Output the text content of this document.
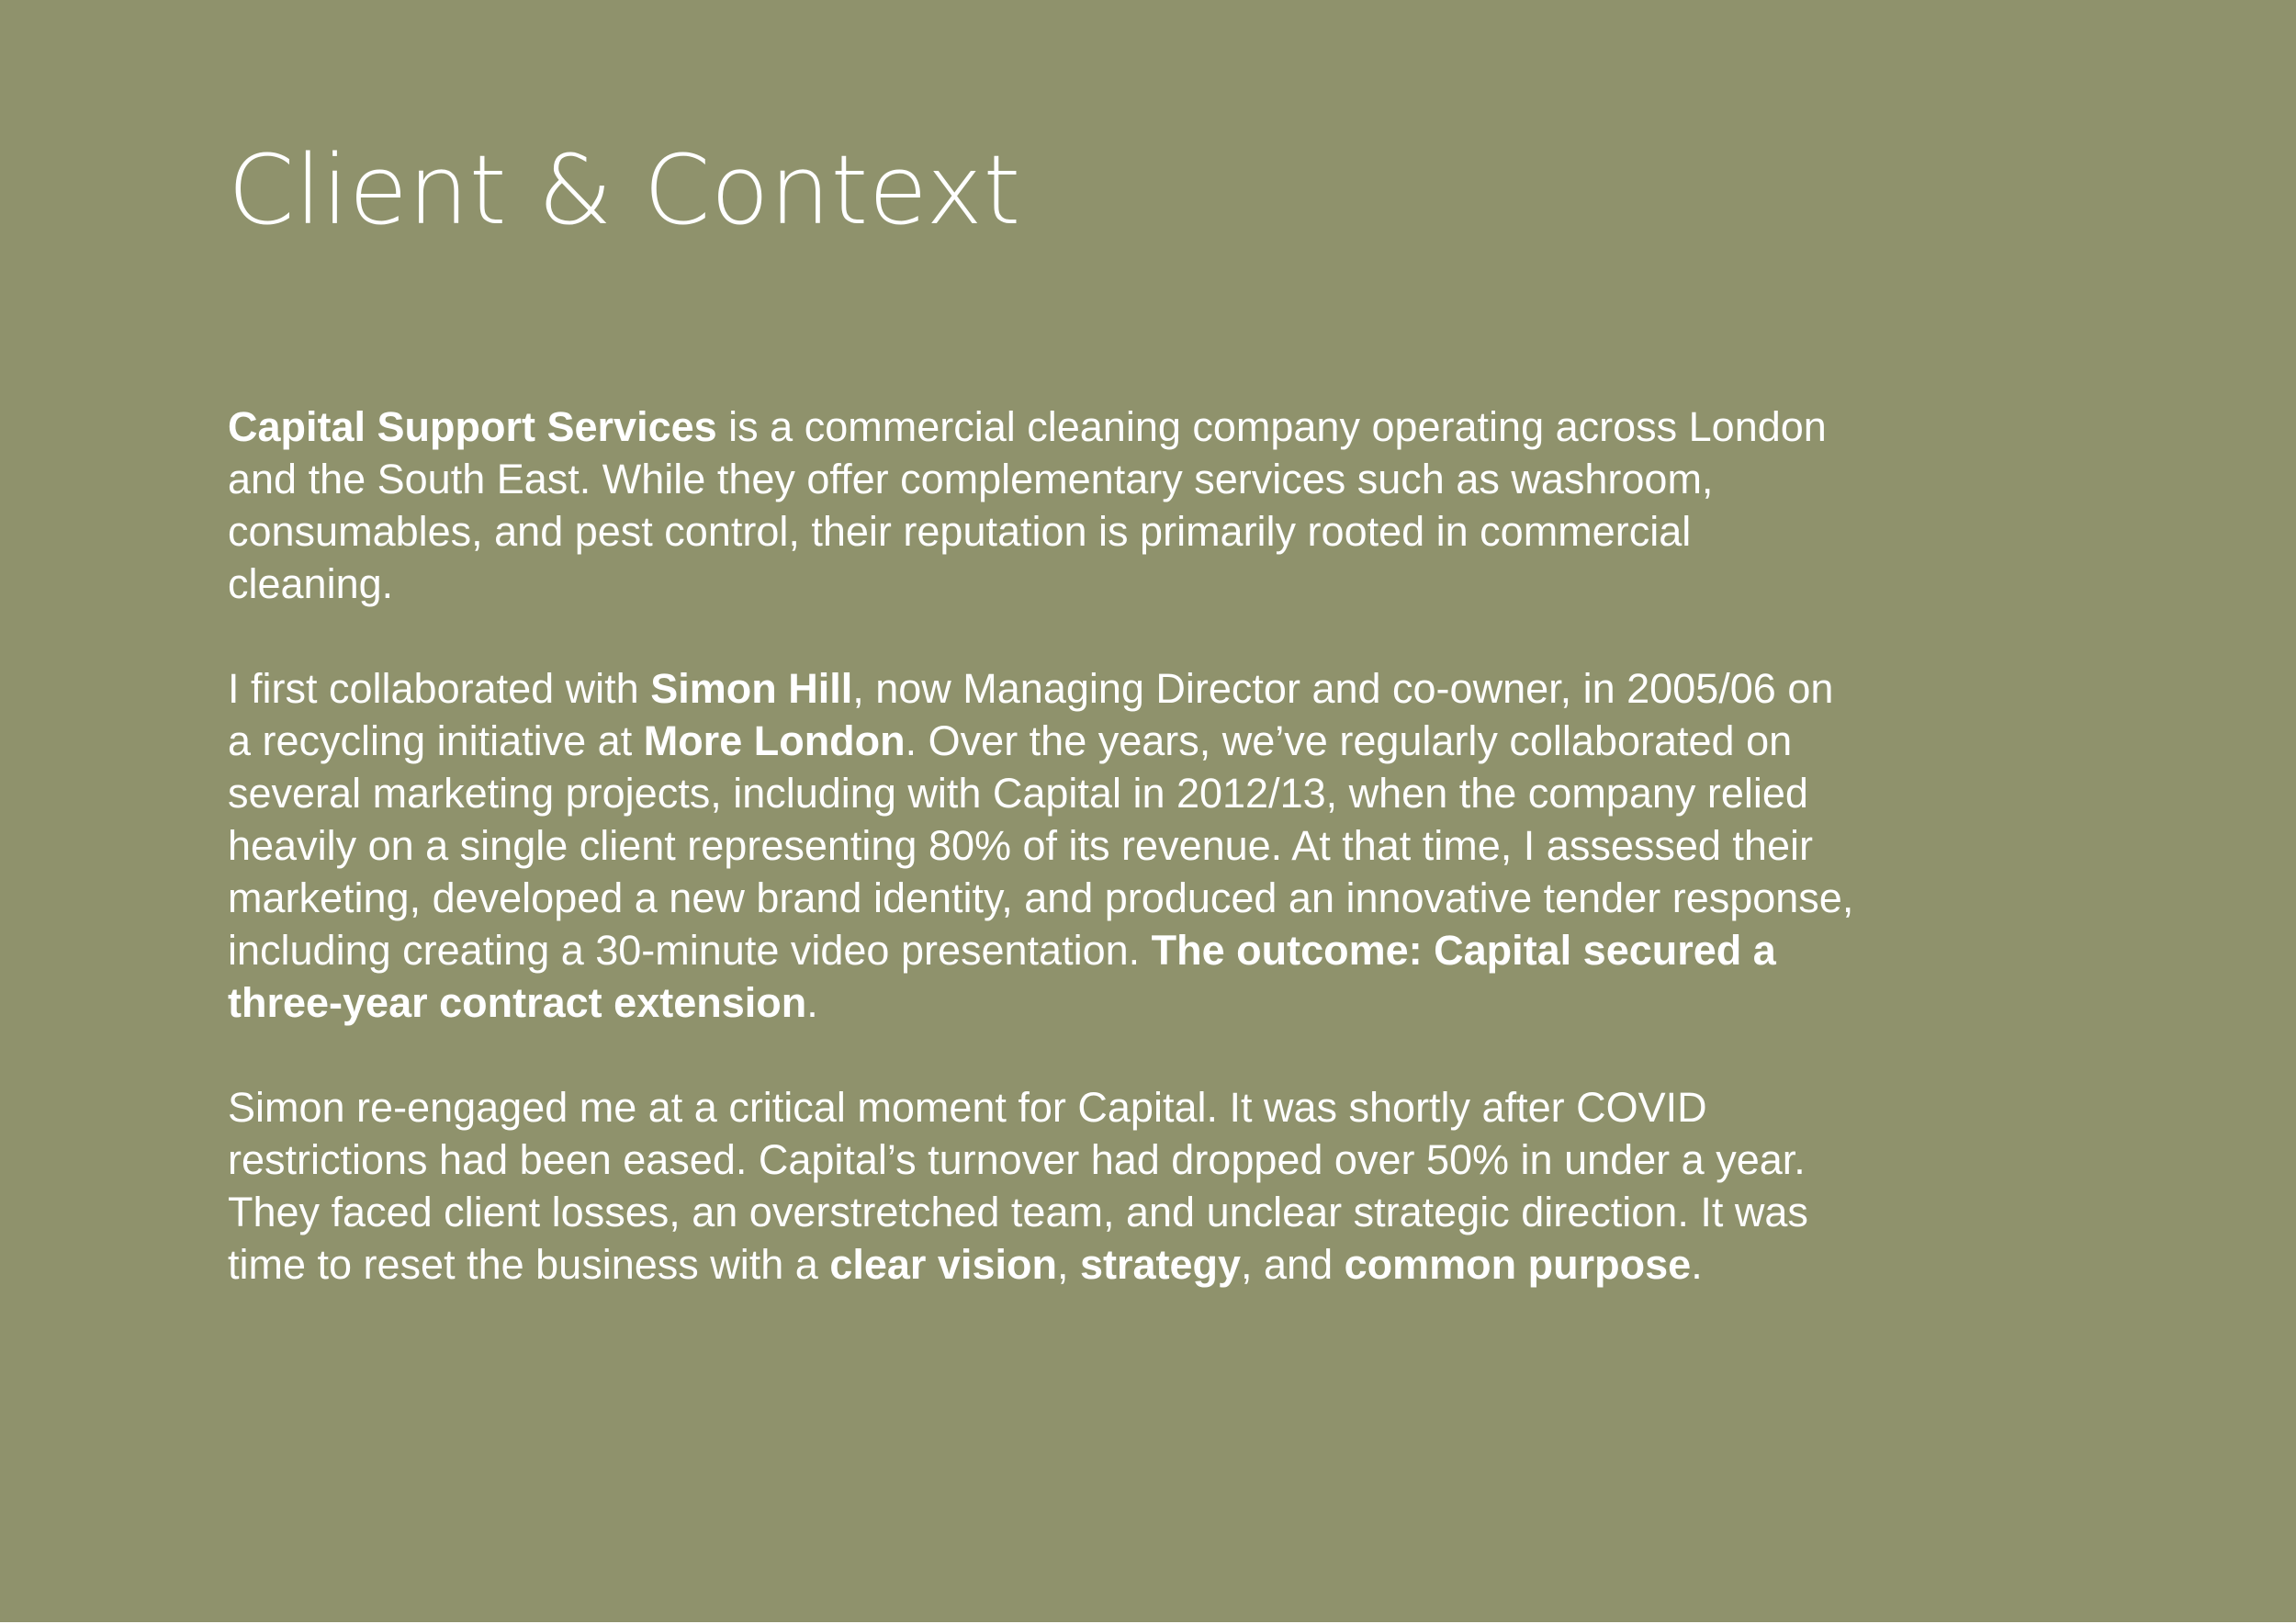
Client & Context

Capital Support Services is a commercial cleaning company operating across London and the South East. While they offer complementary services such as washroom, consumables, and pest control, their reputation is primarily rooted in commercial cleaning.

I first collaborated with Simon Hill, now Managing Director and co-owner, in 2005/06 on a recycling initiative at More London. Over the years, we’ve regularly collaborated on several marketing projects, including with Capital in 2012/13, when the company relied heavily on a single client representing 80% of its revenue. At that time, I assessed their marketing, developed a new brand identity, and produced an innovative tender response, including creating a 30-minute video presentation. The outcome: Capital secured a three-year contract extension.

Simon re-engaged me at a critical moment for Capital. It was shortly after COVID restrictions had been eased. Capital’s turnover had dropped over 50% in under a year. They faced client losses, an overstretched team, and unclear strategic direction. It was time to reset the business with a clear vision, strategy, and common purpose.
